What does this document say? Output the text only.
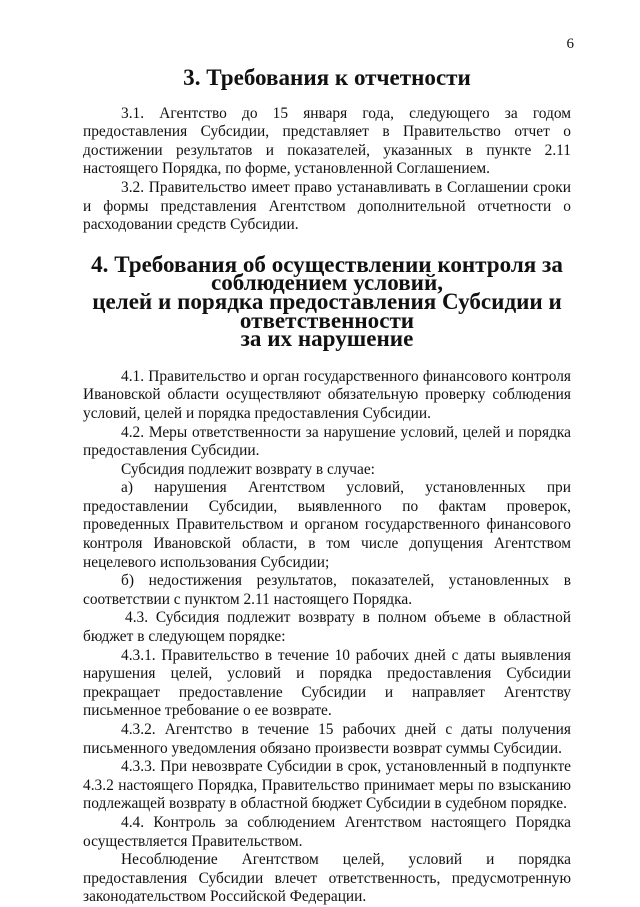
6
3. Требования к отчетности

3.1. Агентство до 15 января года, следующего за годом предоставления Субсидии, представляет в Правительство отчет о достижении результатов и показателей, указанных в пункте 2.11 настоящего Порядка, по форме, установленной Соглашением.

3.2. Правительство имеет право устанавливать в Соглашении сроки и формы представления Агентством дополнительной отчетности о расходовании средств Субсидии.

4. Требования об осуществлении контроля за соблюдением условий,
целей и порядка предоставления Субсидии и ответственности
за их нарушение

4.1. Правительство и орган государственного финансового контроля Ивановской области осуществляют обязательную проверку соблюдения условий, целей и порядка предоставления Субсидии.

4.2. Меры ответственности за нарушение условий, целей и порядка предоставления Субсидии.

Субсидия подлежит возврату в случае:

а) нарушения Агентством условий, установленных при предоставлении Субсидии, выявленного по фактам проверок, проведенных Правительством и органом государственного финансового контроля Ивановской области, в том числе допущения Агентством нецелевого использования Субсидии;

б) недостижения результатов, показателей, установленных в соответствии с пунктом 2.11 настоящего Порядка.

4.3. Субсидия подлежит возврату в полном объеме в областной бюджет в следующем порядке:

4.3.1. Правительство в течение 10 рабочих дней с даты выявления нарушения целей, условий и порядка предоставления Субсидии прекращает предоставление Субсидии и направляет Агентству письменное требование о ее возврате.

4.3.2. Агентство в течение 15 рабочих дней с даты получения письменного уведомления обязано произвести возврат суммы Субсидии.

4.3.3. При невозврате Субсидии в срок, установленный в подпункте 4.3.2 настоящего Порядка, Правительство принимает меры по взысканию подлежащей возврату в областной бюджет Субсидии в судебном порядке.

4.4. Контроль за соблюдением Агентством настоящего Порядка осуществляется Правительством.

Несоблюдение Агентством целей, условий и порядка предоставления Субсидии влечет ответственность, предусмотренную законодательством Российской Федерации.
